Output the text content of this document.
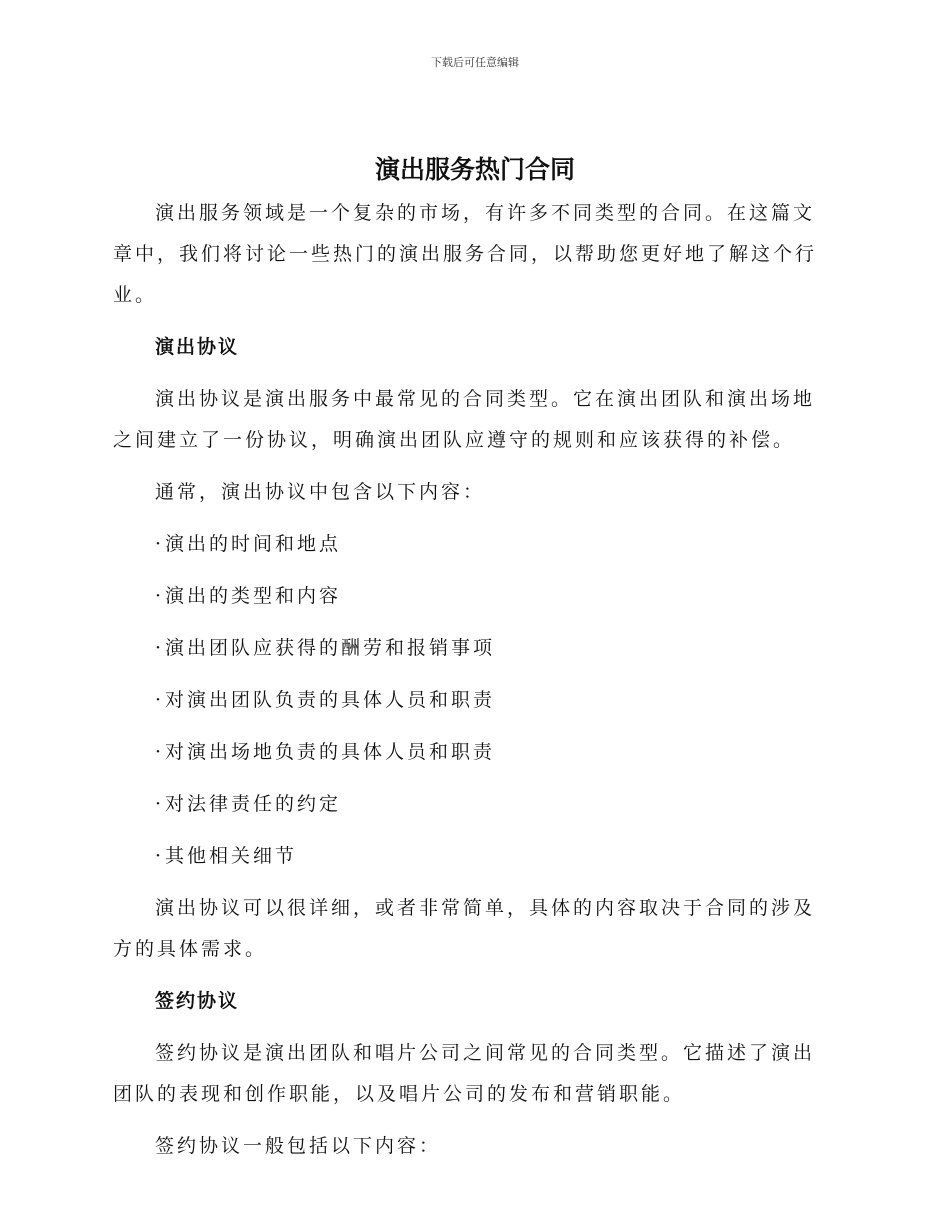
下载后可任意编辑
演出服务热门合同

演出服务领域是一个复杂的市场，有许多不同类型的合同。在这篇文章中，我们将讨论一些热门的演出服务合同，以帮助您更好地了解这个行业。

演出协议

演出协议是演出服务中最常见的合同类型。它在演出团队和演出场地之间建立了一份协议，明确演出团队应遵守的规则和应该获得的补偿。

通常，演出协议中包含以下内容：

· 演出的时间和地点
· 演出的类型和内容
· 演出团队应获得的酬劳和报销事项
· 对演出团队负责的具体人员和职责
· 对演出场地负责的具体人员和职责
· 对法律责任的约定
· 其他相关细节

演出协议可以很详细，或者非常简单，具体的内容取决于合同的涉及方的具体需求。

签约协议

签约协议是演出团队和唱片公司之间常见的合同类型。它描述了演出团队的表现和创作职能，以及唱片公司的发布和营销职能。

签约协议一般包括以下内容：
